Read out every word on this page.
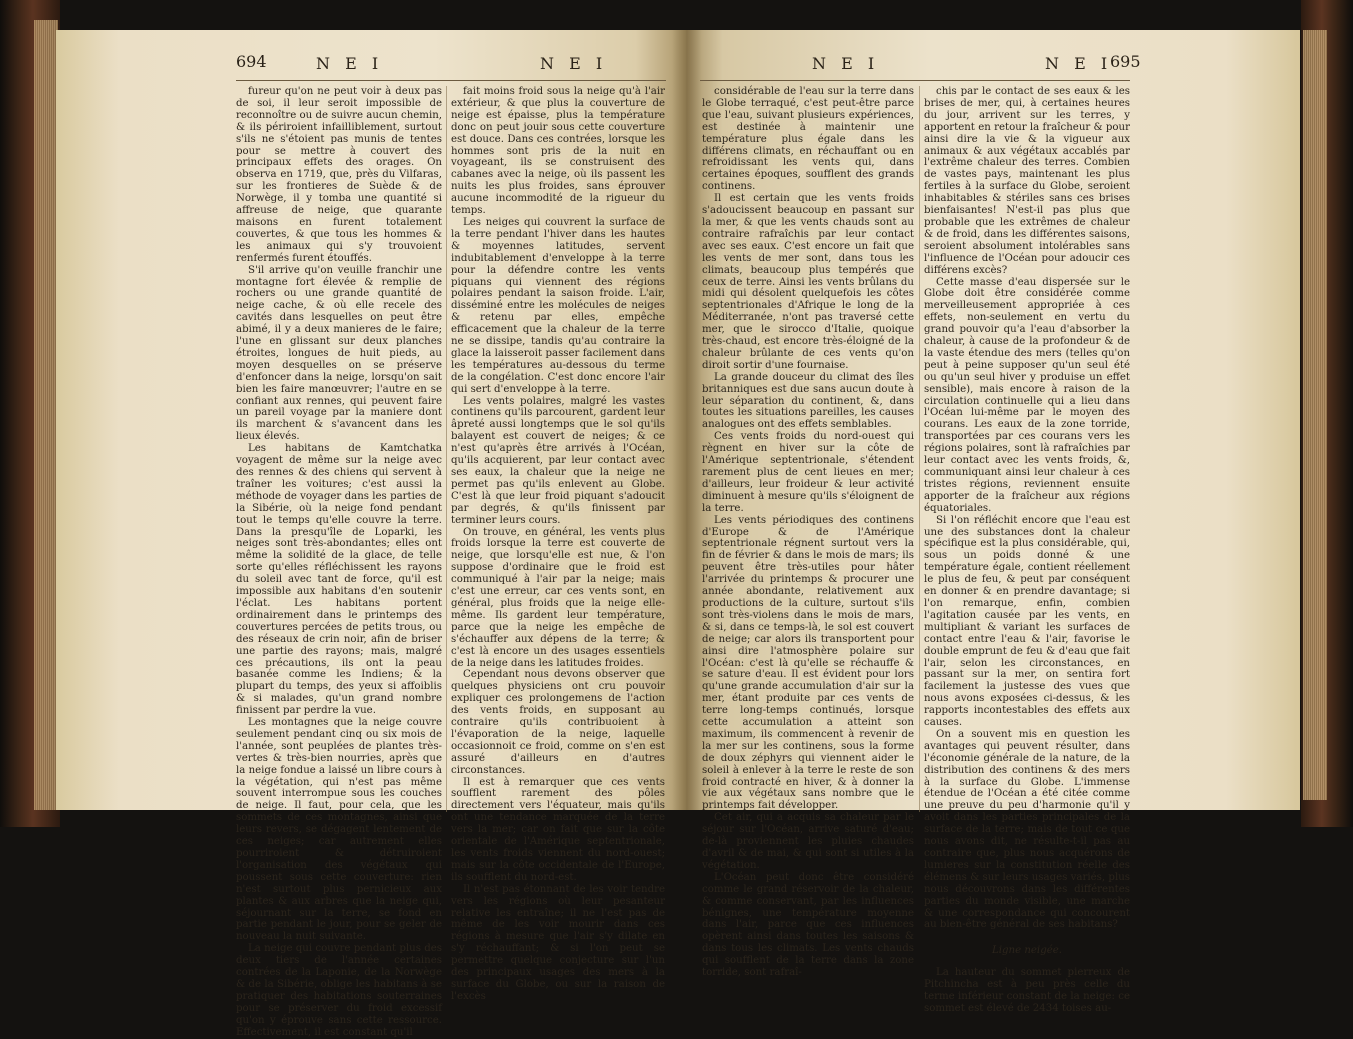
694	N E I	N E I	N E I	N E I
695

fureur qu'on ne peut voir à deux pas de soi, il leur seroit impossible de reconnoître ou de suivre aucun chemin, & ils périroient infailliblement, surtout s'ils ne s'étoient pas munis de tentes pour se mettre à couvert des principaux effets des orages. On observa en 1719, que, près du Vilfaras, sur les frontieres de Suède & de Norwège, il y tomba une quantité si affreuse de neige, que quarante maisons en furent totalement couvertes, & que tous les hommes & les animaux qui s'y trouvoient renfermés furent étouffés.

S'il arrive qu'on veuille franchir une montagne fort élevée & remplie de rochers ou une grande quantité de neige cache, & où elle recele des cavités dans lesquelles on peut être abimé, il y a deux manieres de le faire; l'une en glissant sur deux planches étroites, longues de huit pieds, au moyen desquelles on se préserve d'enfoncer dans la neige, lorsqu'on sait bien les faire manœuvrer; l'autre en se confiant aux rennes, qui peuvent faire un pareil voyage par la maniere dont ils marchent & s'avancent dans les lieux élevés.

Les habitans de Kamtchatka voyagent de même sur la neige avec des rennes & des chiens qui servent à traîner les voitures; c'est aussi la méthode de voyager dans les parties de la Sibérie, où la neige fond pendant tout le temps qu'elle couvre la terre. Dans la presqu'île de Loparki, les neiges sont très-abondantes; elles ont même la solidité de la glace, de telle sorte qu'elles réfléchissent les rayons du soleil avec tant de force, qu'il est impossible aux habitans d'en soutenir l'éclat. Les habitans portent ordinairement dans le printemps des couvertures percées de petits trous, ou des réseaux de crin noir, afin de briser une partie des rayons; mais, malgré ces précautions, ils ont la peau basanée comme les Indiens; & la plupart du temps, des yeux si affoiblis & si malades, qu'un grand nombre finissent par perdre la vue.

Les montagnes que la neige couvre seulement pendant cinq ou six mois de l'année, sont peuplées de plantes très-vertes & très-bien nourries, après que la neige fondue a laissé un libre cours à la végétation, qui n'est pas même souvent interrompue sous les couches de neige. Il faut, pour cela, que les sommets de ces montagnes, ainsi que leurs revers, se dégagent lentement de ces neiges; car autrement elles pourriroient & détruiroient l'organisation des végétaux qui poussent sous cette couverture: rien n'est surtout plus pernicieux aux plantes & aux arbres que la neige qui, séjournant sur la terre, se fond en partie pendant le jour, pour se geler de nouveau la nuit suivante.

La neige qui couvre pendant plus des deux tiers de l'année certaines contrées de la Laponie, de la Norwège & de la Sibérie, oblige les habitans à se pratiquer des habitations souterraines pour se préserver du froid excessif qu'on y éprouve sans cette ressource. Effectivement, il est constant qu'il

fait moins froid sous la neige qu'à l'air extérieur, & que plus la couverture de neige est épaisse, plus la température donc on peut jouir sous cette couverture est douce. Dans ces contrées, lorsque les hommes sont pris de la nuit en voyageant, ils se construisent des cabanes avec la neige, où ils passent les nuits les plus froides, sans éprouver aucune incommodité de la rigueur du temps.

Les neiges qui couvrent la surface de la terre pendant l'hiver dans les hautes & moyennes latitudes, servent indubitablement d'enveloppe à la terre pour la défendre contre les vents piquans qui viennent des régions polaires pendant la saison froide. L'air, disséminé entre les molécules de neiges & retenu par elles, empêche efficacement que la chaleur de la terre ne se dissipe, tandis qu'au contraire la glace la laisseroit passer facilement dans les températures au-dessous du terme de la congélation. C'est donc encore l'air qui sert d'enveloppe à la terre.

Les vents polaires, malgré les vastes continens qu'ils parcourent, gardent leur âpreté aussi longtemps que le sol qu'ils balayent est couvert de neiges; & ce n'est qu'après être arrivés à l'Océan, qu'ils acquierent, par leur contact avec ses eaux, la chaleur que la neige ne permet pas qu'ils enlevent au Globe. C'est là que leur froid piquant s'adoucit par degrés, & qu'ils finissent par terminer leurs cours.

On trouve, en général, les vents plus froids lorsque la terre est couverte de neige, que lorsqu'elle est nue, & l'on suppose d'ordinaire que le froid est communiqué à l'air par la neige; mais c'est une erreur, car ces vents sont, en général, plus froids que la neige elle-même. Ils gardent leur température, parce que la neige les empêche de s'échauffer aux dépens de la terre; & c'est là encore un des usages essentiels de la neige dans les latitudes froides.

Cependant nous devons observer que quelques physiciens ont cru pouvoir expliquer ces prolongemens de l'action des vents froids, en supposant au contraire qu'ils contribuoient à l'évaporation de la neige, laquelle occasionnoit ce froid, comme on s'en est assuré d'ailleurs en d'autres circonstances.

Il est à remarquer que ces vents soufflent rarement des pôles directement vers l'équateur, mais qu'ils ont une tendance marquée de la terre vers la mer; car on fait que sur la côte orientale de l'Amérique septentrionale, les vents froids viennent du nord-ouest; mais sur la côte occidentale de l'Europe, ils soufflent du nord-est.

Il n'est pas étonnant de les voir tendre vers les régions où leur pesanteur relative les entraîne; il ne l'est pas de même de les voir mourir dans ces régions à mesure que l'air s'y dilate en s'y réchauffant; & si l'on peut se permettre quelque conjecture sur l'un des principaux usages des mers à la surface du Globe, ou sur la raison de l'excès

considérable de l'eau sur la terre dans le Globe terraqué, c'est peut-être parce que l'eau, suivant plusieurs expériences, est destinée à maintenir une température plus égale dans les différens climats, en réchauffant ou en refroidissant les vents qui, dans certaines époques, soufflent des grands continens.

Il est certain que les vents froids s'adoucissent beaucoup en passant sur la mer, & que les vents chauds sont au contraire rafraîchis par leur contact avec ses eaux. C'est encore un fait que les vents de mer sont, dans tous les climats, beaucoup plus tempérés que ceux de terre. Ainsi les vents brûlans du midi qui désolent quelquefois les côtes septentrionales d'Afrique le long de la Méditerranée, n'ont pas traversé cette mer, que le sirocco d'Italie, quoique très-chaud, est encore très-éloigné de la chaleur brûlante de ces vents qu'on diroit sortir d'une fournaise.

La grande douceur du climat des îles britanniques est due sans aucun doute à leur séparation du continent, &, dans toutes les situations pareilles, les causes analogues ont des effets semblables.

Ces vents froids du nord-ouest qui règnent en hiver sur la côte de l'Amérique septentrionale, s'étendent rarement plus de cent lieues en mer; d'ailleurs, leur froideur & leur activité diminuent à mesure qu'ils s'éloignent de la terre.

Les vents périodiques des continens d'Europe & de l'Amérique septentrionale régnent surtout vers la fin de février & dans le mois de mars; ils peuvent être très-utiles pour hâter l'arrivée du printemps & procurer une année abondante, relativement aux productions de la culture, surtout s'ils sont très-violens dans le mois de mars, & si, dans ce temps-là, le sol est couvert de neige; car alors ils transportent pour ainsi dire l'atmosphère polaire sur l'Océan: c'est là qu'elle se réchauffe & se sature d'eau. Il est évident pour lors qu'une grande accumulation d'air sur la mer, étant produite par ces vents de terre long-temps continués, lorsque cette accumulation a atteint son maximum, ils commencent à revenir de la mer sur les continens, sous la forme de doux zéphyrs qui viennent aider le soleil à enlever à la terre le reste de son froid contracté en hiver, & à donner la vie aux végétaux sans nombre que le printemps fait développer.

Cet air, qui a acquis sa chaleur par le séjour sur l'Océan, arrive saturé d'eau; de-là proviennent les pluies chaudes d'avril & de mai, & qui sont si utiles à la végétation.

L'Océan peut donc être considéré comme le grand réservoir de la chaleur, & comme conservant, par les influences bénignes, une température moyenne dans l'air, parce que ces influences opèrent ainsi dans toutes les saisons & dans tous les climats. Les vents chauds qui soufflent de la terre dans la zone torride, sont rafraî-

chis par le contact de ses eaux & les brises de mer, qui, à certaines heures du jour, arrivent sur les terres, y apportent en retour la fraîcheur & pour ainsi dire la vie & la vigueur aux animaux & aux végétaux accablés par l'extrême chaleur des terres. Combien de vastes pays, maintenant les plus fertiles à la surface du Globe, seroient inhabitables & stériles sans ces brises bienfaisantes! N'est-il pas plus que probable que les extrêmes de chaleur & de froid, dans les différentes saisons, seroient absolument intolérables sans l'influence de l'Océan pour adoucir ces différens excès?

Cette masse d'eau dispersée sur le Globe doit être considérée comme merveilleusement appropriée à ces effets, non-seulement en vertu du grand pouvoir qu'a l'eau d'absorber la chaleur, à cause de la profondeur & de la vaste étendue des mers (telles qu'on peut à peine supposer qu'un seul été ou qu'un seul hiver y produise un effet sensible), mais encore à raison de la circulation continuelle qui a lieu dans l'Océan lui-même par le moyen des courans. Les eaux de la zone torride, transportées par ces courans vers les régions polaires, sont là rafraîchies par leur contact avec les vents froids, &, communiquant ainsi leur chaleur à ces tristes régions, reviennent ensuite apporter de la fraîcheur aux régions équatoriales.

Si l'on réfléchit encore que l'eau est une des substances dont la chaleur spécifique est la plus considérable, qui, sous un poids donné & une température égale, contient réellement le plus de feu, & peut par conséquent en donner & en prendre davantage; si l'on remarque, enfin, combien l'agitation causée par les vents, en multipliant & variant les surfaces de contact entre l'eau & l'air, favorise le double emprunt de feu & d'eau que fait l'air, selon les circonstances, en passant sur la mer, on sentira fort facilement la justesse des vues que nous avons exposées ci-dessus, & les rapports incontestables des effets aux causes.

On a souvent mis en question les avantages qui peuvent résulter, dans l'économie générale de la nature, de la distribution des continens & des mers à la surface du Globe. L'immense étendue de l'Océan a été citée comme une preuve du peu d'harmonie qu'il y avoit dans les parties principales de la surface de la terre; mais de tout ce que nous avons dit, ne résulte-t-il pas au contraire que, plus nous acquérons de lumieres sur la constitution réelle des élémens & sur leurs usages variés, plus nous découvrons dans les différentes parties du monde visible, une marche & une correspondance qui concourent au bien-être général de ses habitans?

Ligne neigée.

La hauteur du sommet pierreux de Pitchincha est à peu près celle du terme inférieur constant de la neige: ce sommet est élevé de 2434 toises au-
